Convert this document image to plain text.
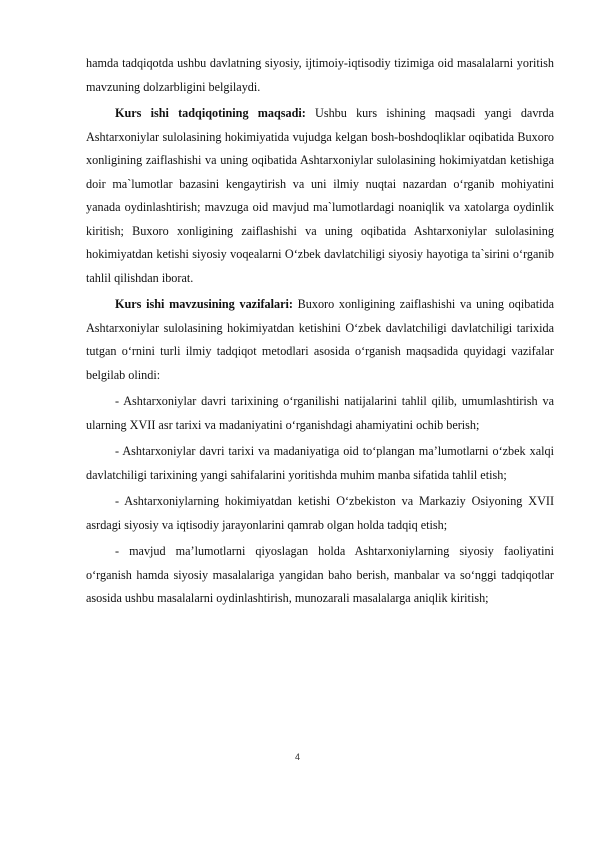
hamda tadqiqotda ushbu davlatning siyosiy, ijtimoiy-iqtisodiy tizimiga oid masalalarni yoritish mavzuning dolzarbligini belgilaydi.

Kurs ishi tadqiqotining maqsadi: Ushbu kurs ishining maqsadi yangi davrda Ashtarxoniylar sulolasining hokimiyatida vujudga kelgan bosh-boshdoqliklar oqibatida Buxoro xonligining zaiflashishi va uning oqibatida Ashtarxoniylar sulolasining hokimiyatdan ketishiga doir ma`lumotlar bazasini kengaytirish va uni ilmiy nuqtai nazardan o‘rganib mohiyatini yanada oydinlashtirish; mavzuga oid mavjud ma`lumotlardagi noaniqlik va xatolarga oydinlik kiritish; Buxoro xonligining zaiflashishi va uning oqibatida Ashtarxoniylar sulolasining hokimiyatdan ketishi siyosiy voqealarni O‘zbek davlatchiligi siyosiy hayotiga ta`sirini o‘rganib tahlil qilishdan iborat.

Kurs ishi mavzusining vazifalari: Buxoro xonligining zaiflashishi va uning oqibatida Ashtarxoniylar sulolasining hokimiyatdan ketishini O‘zbek davlatchiligi davlatchiligi tarixida tutgan o‘rnini turli ilmiy tadqiqot metodlari asosida o‘rganish maqsadida quyidagi vazifalar belgilab olindi:

- Ashtarxoniylar davri tarixining o‘rganilishi natijalarini tahlil qilib, umumlashtirish va ularning XVII asr tarixi va madaniyatini o‘rganishdagi ahamiyatini ochib berish;

- Ashtarxoniylar davri tarixi va madaniyatiga oid to‘plangan ma’lumotlarni o‘zbek xalqi davlatchiligi tarixining yangi sahifalarini yoritishda muhim manba sifatida tahlil etish;

- Ashtarxoniylarning hokimiyatdan ketishi O‘zbekiston va Markaziy Osiyoning XVII asrdagi siyosiy va iqtisodiy jarayonlarini qamrab olgan holda tadqiq etish;

- mavjud ma’lumotlarni qiyoslagan holda Ashtarxoniylarning siyosiy faoliyatini o‘rganish hamda siyosiy masalalariga yangidan baho berish, manbalar va so‘nggi tadqiqotlar asosida ushbu masalalarni oydinlashtirish, munozarali masalalarga aniqlik kiritish;

4
